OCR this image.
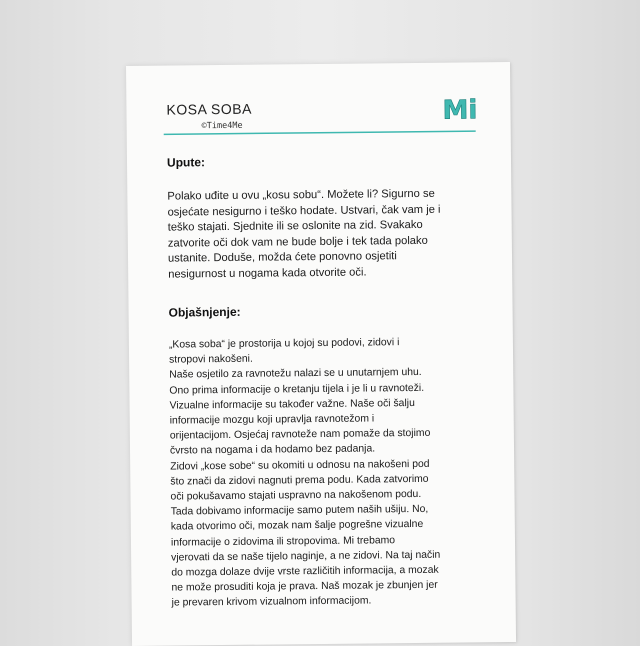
KOSA SOBA
©Time4Me
Mi
Upute:
Polako uđite u ovu „kosu sobu“. Možete li? Sigurno se
osjećate nesigurno i teško hodate. Ustvari, čak vam je i
teško stajati. Sjednite ili se oslonite na zid. Svakako
zatvorite oči dok vam ne bude bolje i tek tada polako
ustanite. Doduše, možda ćete ponovno osjetiti
nesigurnost u nogama kada otvorite oči.
Objašnjenje:
„Kosa soba“ je prostorija u kojoj su podovi, zidovi i
stropovi nakošeni.
Naše osjetilo za ravnotežu nalazi se u unutarnjem uhu.
Ono prima informacije o kretanju tijela i je li u ravnoteži.
Vizualne informacije su također važne. Naše oči šalju
informacije mozgu koji upravlja ravnotežom i
orijentacijom. Osjećaj ravnoteže nam pomaže da stojimo
čvrsto na nogama i da hodamo bez padanja.
Zidovi „kose sobe“ su okomiti u odnosu na nakošeni pod
što znači da zidovi nagnuti prema podu. Kada zatvorimo
oči pokušavamo stajati uspravno na nakošenom podu.
Tada dobivamo informacije samo putem naših ušiju. No,
kada otvorimo oči, mozak nam šalje pogrešne vizualne
informacije o zidovima ili stropovima. Mi trebamo
vjerovati da se naše tijelo naginje, a ne zidovi. Na taj način
do mozga dolaze dvije vrste različitih informacija, a mozak
ne može prosuditi koja je prava. Naš mozak je zbunjen jer
je prevaren krivom vizualnom informacijom.
